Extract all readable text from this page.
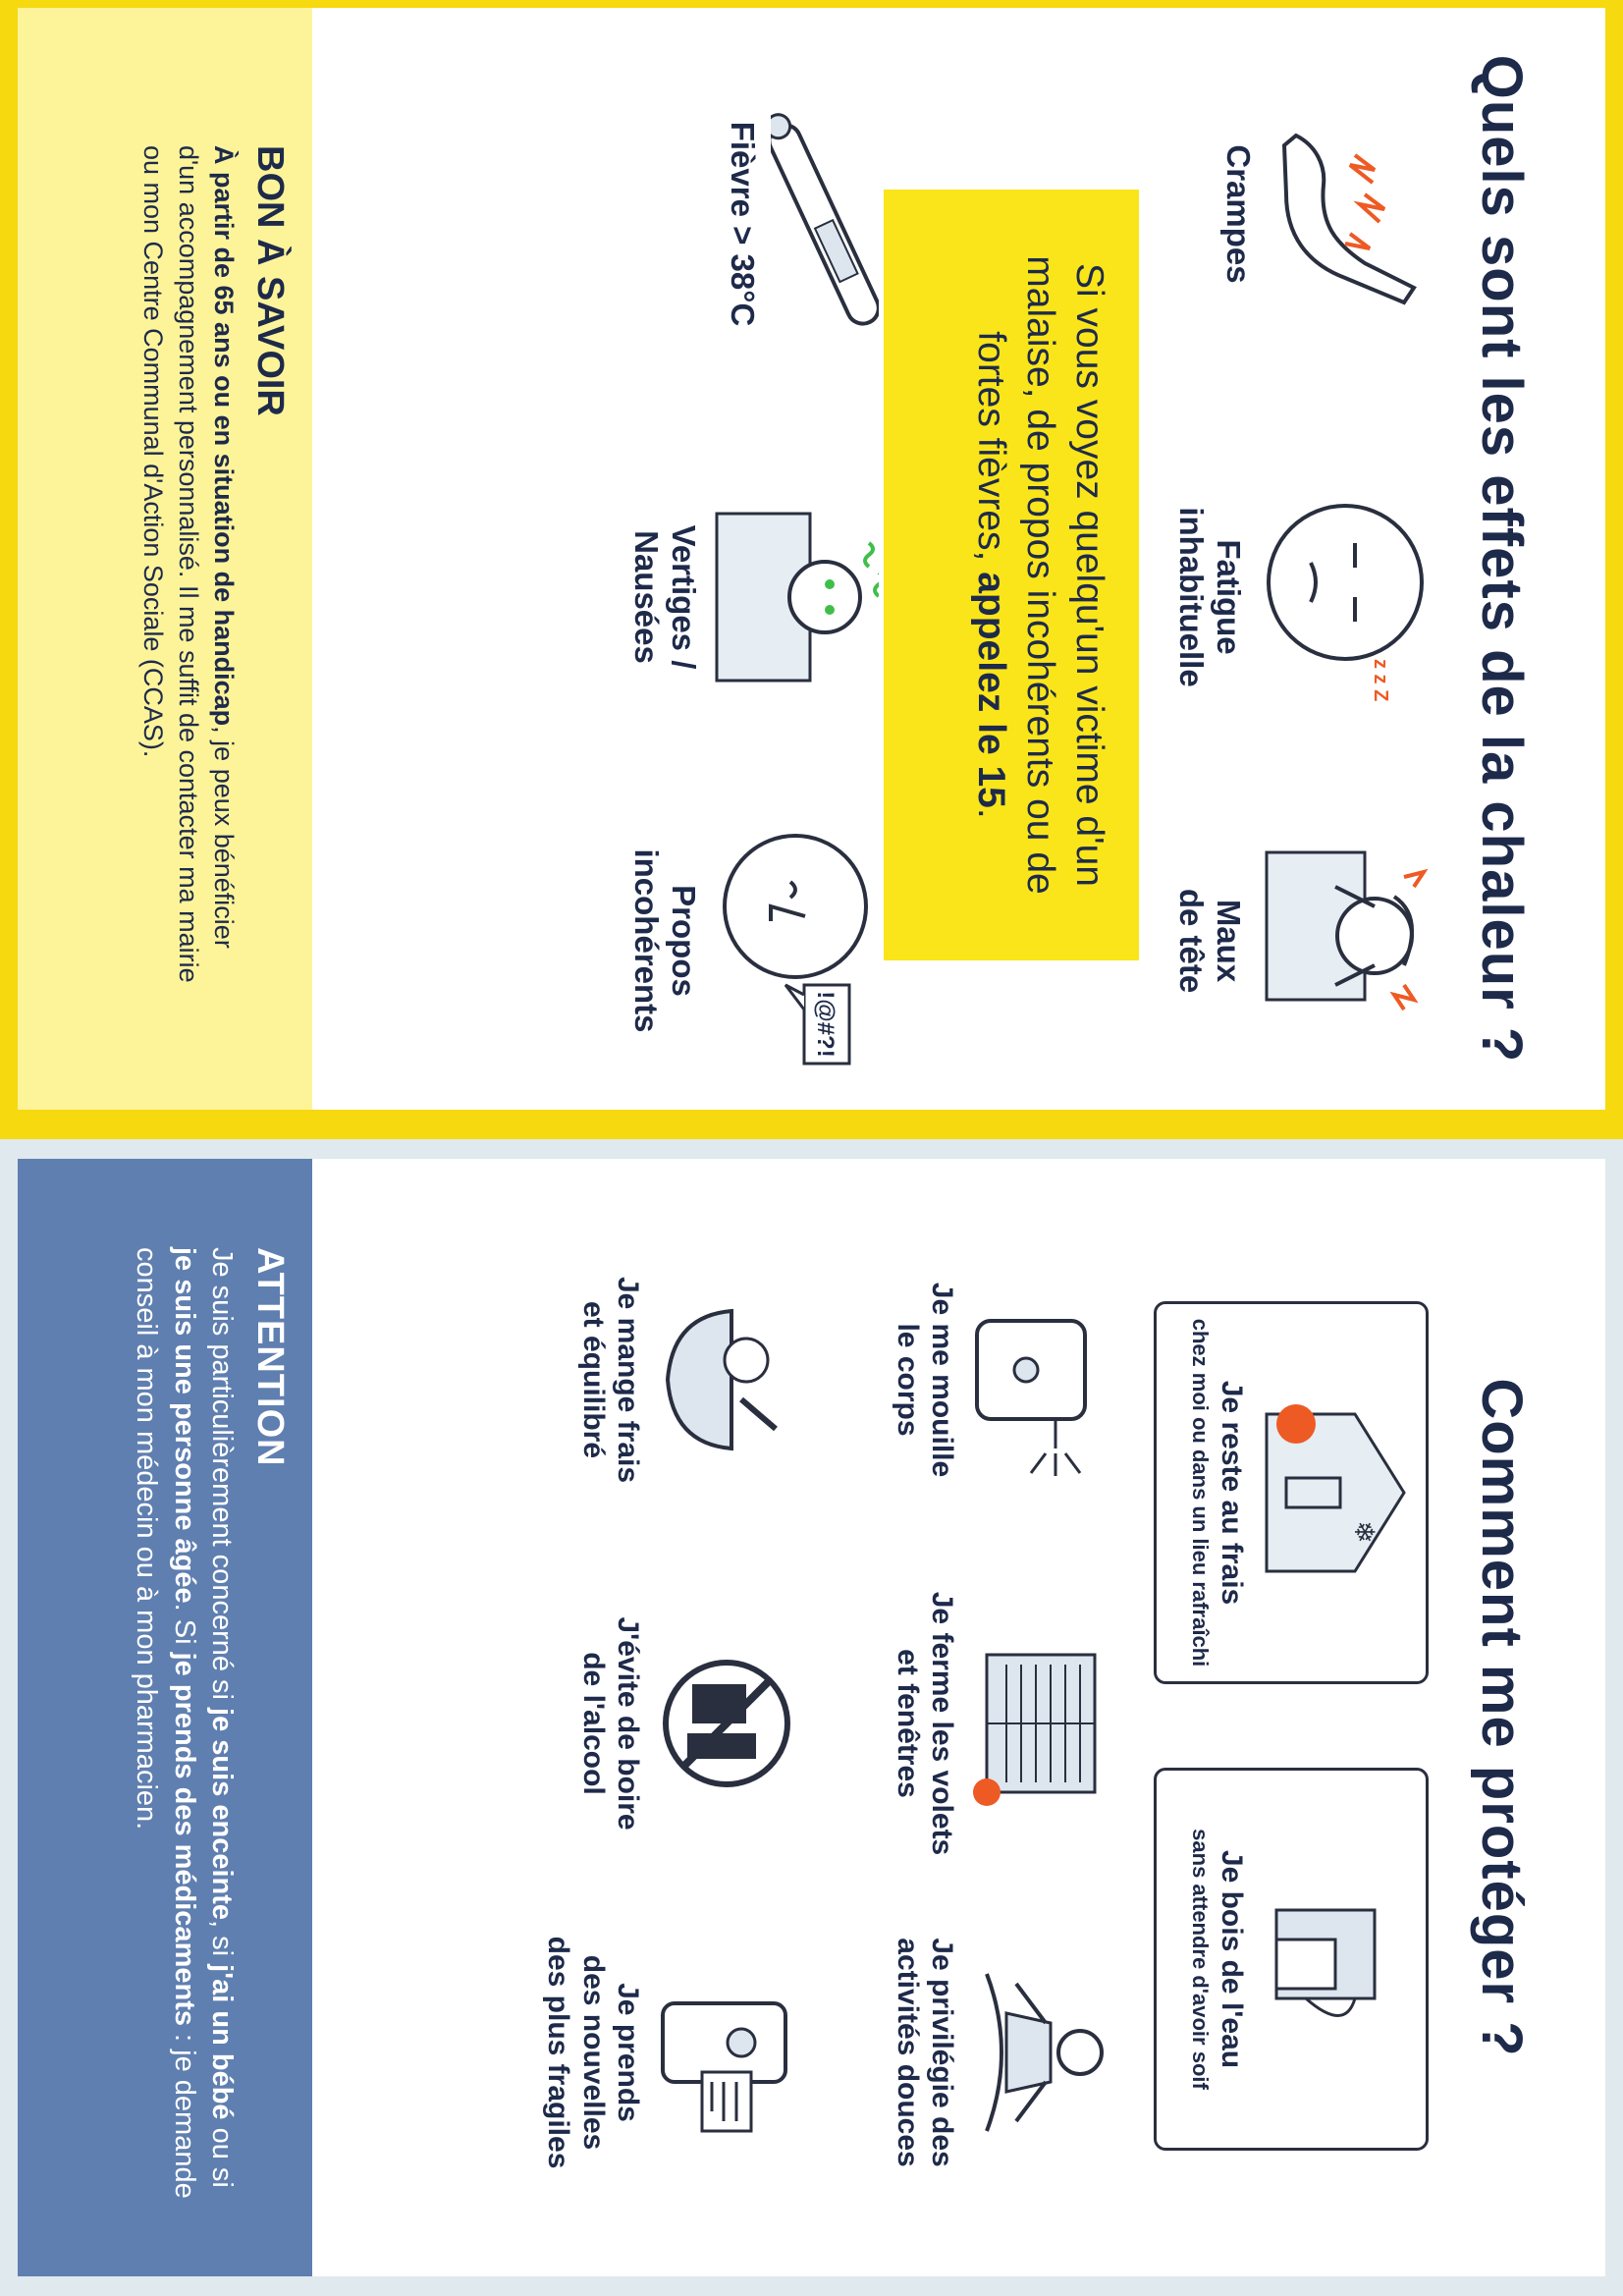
Quels sont les effets de la chaleur ?
Crampes
z z Z
Fatigue
inhabituelle
Maux
de tête
Fièvre > 38°C
Vertiges /
Nausées
!@#?!
Propos
incohérents
Si vous voyez quelqu'un victime d'un malaise, de propos incohérents ou de fortes fièvres, appelez le 15.
BON À SAVOIR
À partir de 65 ans ou en situation de handicap, je peux bénéficier d'un accompagnement personnalisé. Il me suffit de contacter ma mairie ou mon Centre Communal d'Action Sociale (CCAS).
Comment me protéger ?
❄
Je reste au frais
chez moi ou dans un lieu rafraîchi
Je bois de l'eau
sans attendre d'avoir soif
Je me mouille
le corps
Je ferme les volets
et fenêtres
Je privilégie des
activités douces
Je mange frais
et équilibré
J'évite de boire
de l'alcool
Je prends
des nouvelles
des plus fragiles
ATTENTION
Je suis particulièrement concerné si je suis enceinte, si j'ai un bébé ou si je suis une personne âgée. Si je prends des médicaments : je demande conseil à mon médecin ou à mon pharmacien.
